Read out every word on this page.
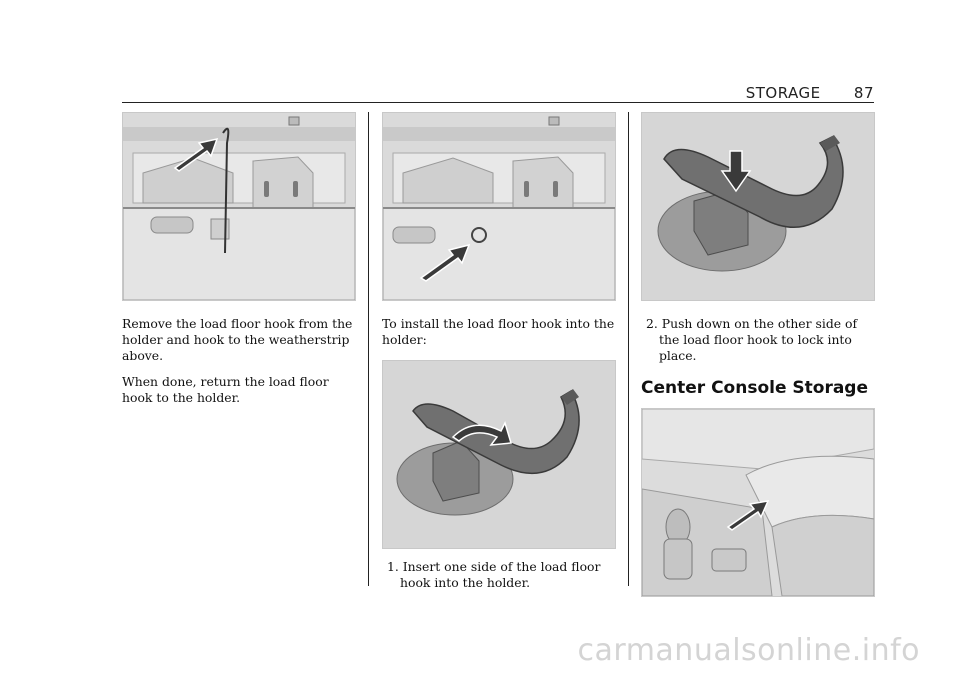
STORAGE 87

Remove the load floor hook from the holder and hook to the weatherstrip above.

When done, return the load floor hook to the holder.

To install the load floor hook into the holder:

1. Insert one side of the load floor hook into the holder.

2. Push down on the other side of the load floor hook to lock into place.

Center Console Storage
carmanualsonline.info
